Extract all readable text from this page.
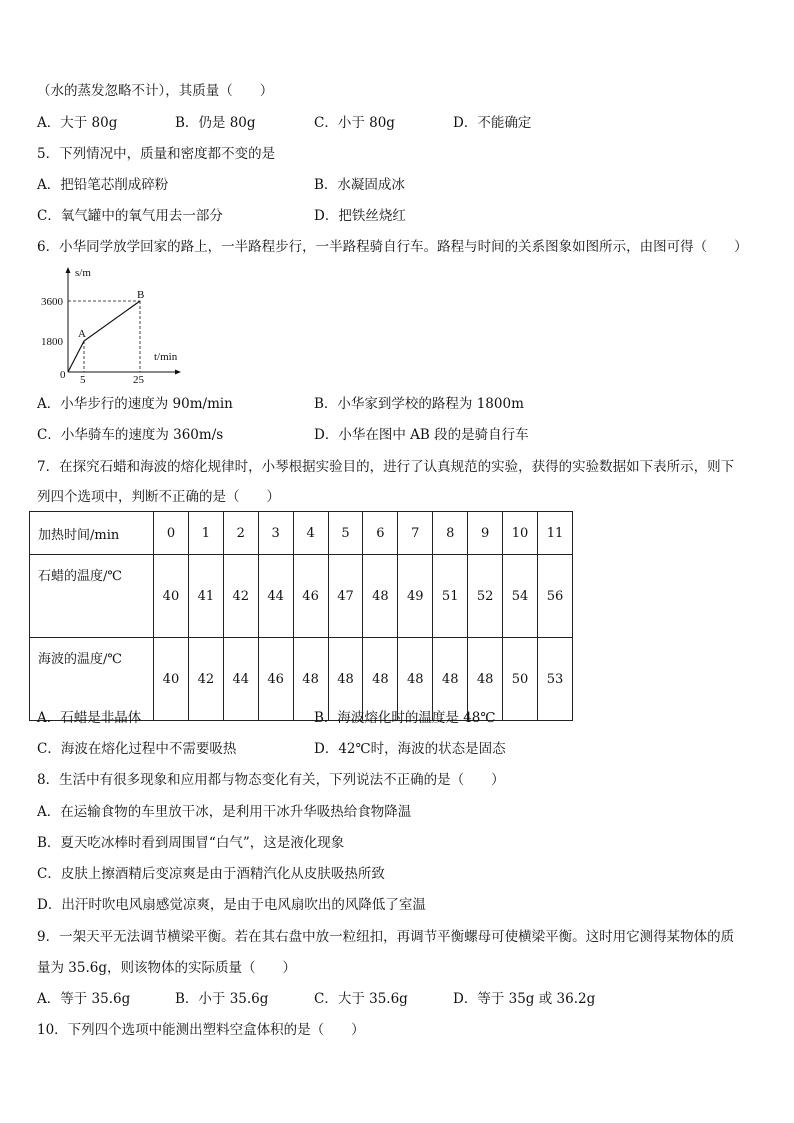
（水的蒸发忽略不计），其质量（　　）
A．大于 80g	B．仍是 80g	C．小于 80g	D．不能确定
5．下列情况中，质量和密度都不变的是
A．把铅笔芯削成碎粉	B．水凝固成冰
C．氧气罐中的氧气用去一部分	D．把铁丝烧红
6．小华同学放学回家的路上，一半路程步行，一半路程骑自行车。路程与时间的关系图象如图所示，由图可得（　　）
s/m
t/min
3600
1800
0 5	25
A
B
A．小华步行的速度为 90m/min	B．小华家到学校的路程为 1800m
C．小华骑车的速度为 360m/s	D．小华在图中 AB 段的是骑自行车
7．在探究石蜡和海波的熔化规律时，小琴根据实验目的，进行了认真规范的实验，获得的实验数据如下表所示，则下
列四个选项中，判断不正确的是（　　）
加热时间/min	0	1	2	3	4	5	6	7	8	9	10	11
石蜡的温度/℃	40	41	42	44	46	47	48	49	51	52	54	56
海波的温度/℃	40	42	44	46	48	48	48	48	48	48	50	53
A．石蜡是非晶体	B．海波熔化时的温度是 48℃
C．海波在熔化过程中不需要吸热	D．42℃时，海波的状态是固态
8．生活中有很多现象和应用都与物态变化有关，下列说法不正确的是（　　）
A．在运输食物的车里放干冰，是利用干冰升华吸热给食物降温
B．夏天吃冰棒时看到周围冒“白气”，这是液化现象
C．皮肤上擦酒精后变凉爽是由于酒精汽化从皮肤吸热所致
D．出汗时吹电风扇感觉凉爽，是由于电风扇吹出的风降低了室温
9．一架天平无法调节横梁平衡。若在其右盘中放一粒纽扣，再调节平衡螺母可使横梁平衡。这时用它测得某物体的质
量为 35.6g，则该物体的实际质量（　　）
A．等于 35.6g	B．小于 35.6g	C．大于 35.6g	D．等于 35g 或 36.2g
10．下列四个选项中能测出塑料空盒体积的是（　　）
